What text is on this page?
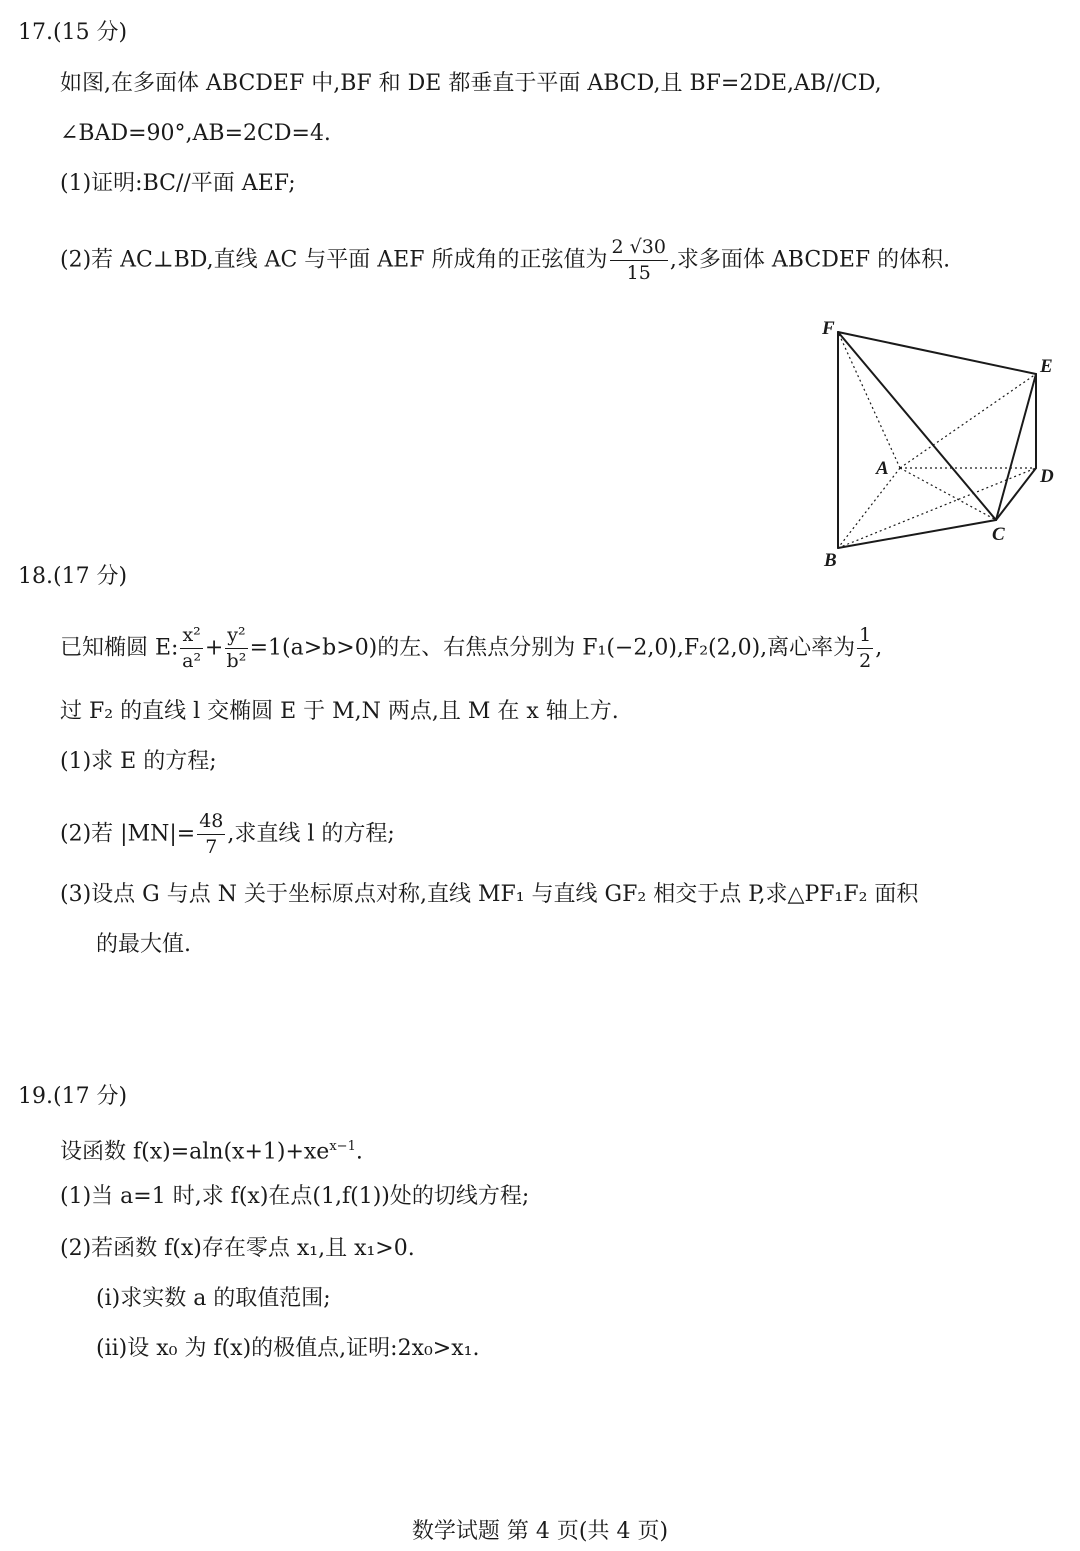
17.(15 分)
如图,在多面体 ABCDEF 中,BF 和 DE 都垂直于平面 ABCD,且 BF=2DE,AB//CD,
∠BAD=90°,AB=2CD=4.
(1)证明:BC//平面 AEF;
(2)若 AC⊥BD,直线 AC 与平面 AEF 所成角的正弦值为 $\frac{2 √30}{15}$ ,求多面体 ABCDEF 的体积.
F
E
A	D
B
C
18.(17 分)
已知椭圆 E: $\frac{\text{x²}}{\text{a²}} + \frac{\text{y²}}{\text{b²}} =1(a>b>0)$的左、右焦点分别为 F₁(−2,0),F₂(2,0),离心率为 $\frac{1}{2}$ ,
过 F₂ 的直线 l 交椭圆 E 于 M,N 两点,且 M 在 x 轴上方.
(1)求 E 的方程;
(2)若 $|MN|= \frac{48}{7}$ ,求直线 l 的方程;
(3)设点 G 与点 N 关于坐标原点对称,直线 MF₁ 与直线 GF₂ 相交于点 P,求△PF₁F₂ 面积
的最大值.
19.(17 分)
设函数 $f(x)=aln(x+1)+xe^{x-1}$.
(1)当 a=1 时,求 f(x)在点(1,f(1))处的切线方程;
(2)若函数 f(x)存在零点 x₁,且 x₁>0.
(ⅰ)求实数 a 的取值范围;
(ⅱ)设 x₀ 为 f(x)的极值点,证明:2x₀>x₁.
数学试题 第 4 页(共 4 页)
